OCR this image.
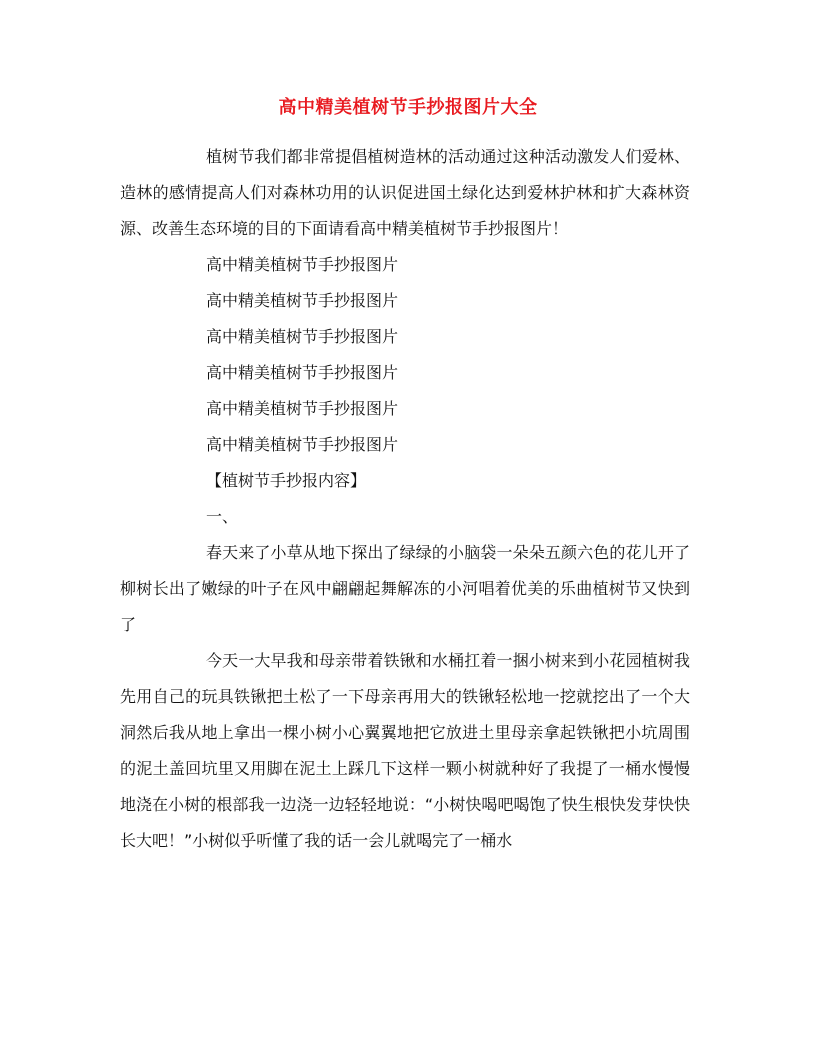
高中精美植树节手抄报图片大全

植树节我们都非常提倡植树造林的活动通过这种活动激发人们爱林、造林的感情提高人们对森林功用的认识促进国土绿化达到爱林护林和扩大森林资源、改善生态环境的目的下面请看高中精美植树节手抄报图片！

高中精美植树节手抄报图片

高中精美植树节手抄报图片

高中精美植树节手抄报图片

高中精美植树节手抄报图片

高中精美植树节手抄报图片

高中精美植树节手抄报图片

【植树节手抄报内容】

一、

春天来了小草从地下探出了绿绿的小脑袋一朵朵五颜六色的花儿开了柳树长出了嫩绿的叶子在风中翩翩起舞解冻的小河唱着优美的乐曲植树节又快到了

今天一大早我和母亲带着铁锹和水桶扛着一捆小树来到小花园植树我先用自己的玩具铁锹把土松了一下母亲再用大的铁锹轻松地一挖就挖出了一个大洞然后我从地上拿出一棵小树小心翼翼地把它放进土里母亲拿起铁锹把小坑周围的泥土盖回坑里又用脚在泥土上踩几下这样一颗小树就种好了我提了一桶水慢慢地浇在小树的根部我一边浇一边轻轻地说：“小树快喝吧喝饱了快生根快发芽快快长大吧！”小树似乎听懂了我的话一会儿就喝完了一桶水
